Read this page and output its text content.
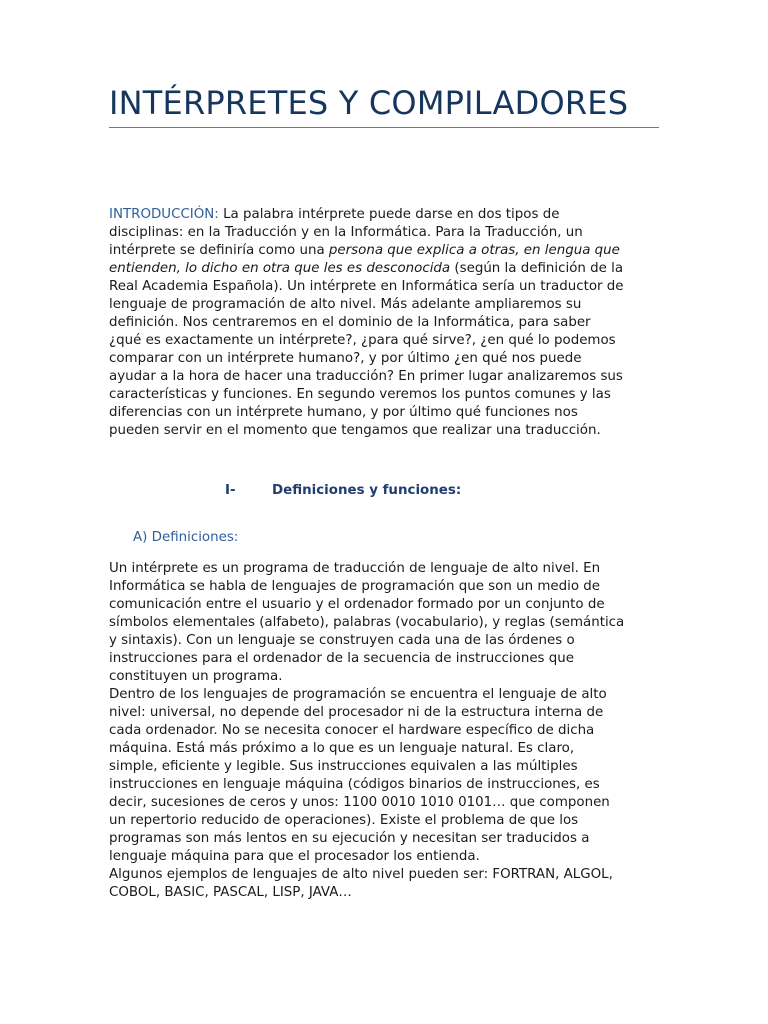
INTÉRPRETES Y COMPILADORES
INTRODUCCIÓN: La palabra intérprete puede darse en dos tipos de
disciplinas: en la Traducción y en la Informática. Para la Traducción, un
intérprete se definiría como una persona que explica a otras, en lengua que
entienden, lo dicho en otra que les es desconocida (según la definición de la
Real Academia Española). Un intérprete en Informática sería un traductor de
lenguaje de programación de alto nivel. Más adelante ampliaremos su
definición. Nos centraremos en el dominio de la Informática, para saber
¿qué es exactamente un intérprete?, ¿para qué sirve?, ¿en qué lo podemos
comparar con un intérprete humano?, y por último ¿en qué nos puede
ayudar a la hora de hacer una traducción? En primer lugar analizaremos sus
características y funciones. En segundo veremos los puntos comunes y las
diferencias con un intérprete humano, y por último qué funciones nos
pueden servir en el momento que tengamos que realizar una traducción.
I-	Definiciones y funciones:
A) Definiciones:
Un intérprete es un programa de traducción de lenguaje de alto nivel. En
Informática se habla de lenguajes de programación que son un medio de
comunicación entre el usuario y el ordenador formado por un conjunto de
símbolos elementales (alfabeto), palabras (vocabulario), y reglas (semántica
y sintaxis). Con un lenguaje se construyen cada una de las órdenes o
instrucciones para el ordenador de la secuencia de instrucciones que
constituyen un programa.
Dentro de los lenguajes de programación se encuentra el lenguaje de alto
nivel: universal, no depende del procesador ni de la estructura interna de
cada ordenador. No se necesita conocer el hardware específico de dicha
máquina. Está más próximo a lo que es un lenguaje natural. Es claro,
simple, eficiente y legible. Sus instrucciones equivalen a las múltiples
instrucciones en lenguaje máquina (códigos binarios de instrucciones, es
decir, sucesiones de ceros y unos: 1100 0010 1010 0101… que componen
un repertorio reducido de operaciones). Existe el problema de que los
programas son más lentos en su ejecución y necesitan ser traducidos a
lenguaje máquina para que el procesador los entienda.
Algunos ejemplos de lenguajes de alto nivel pueden ser: FORTRAN, ALGOL,
COBOL, BASIC, PASCAL, LISP, JAVA…
